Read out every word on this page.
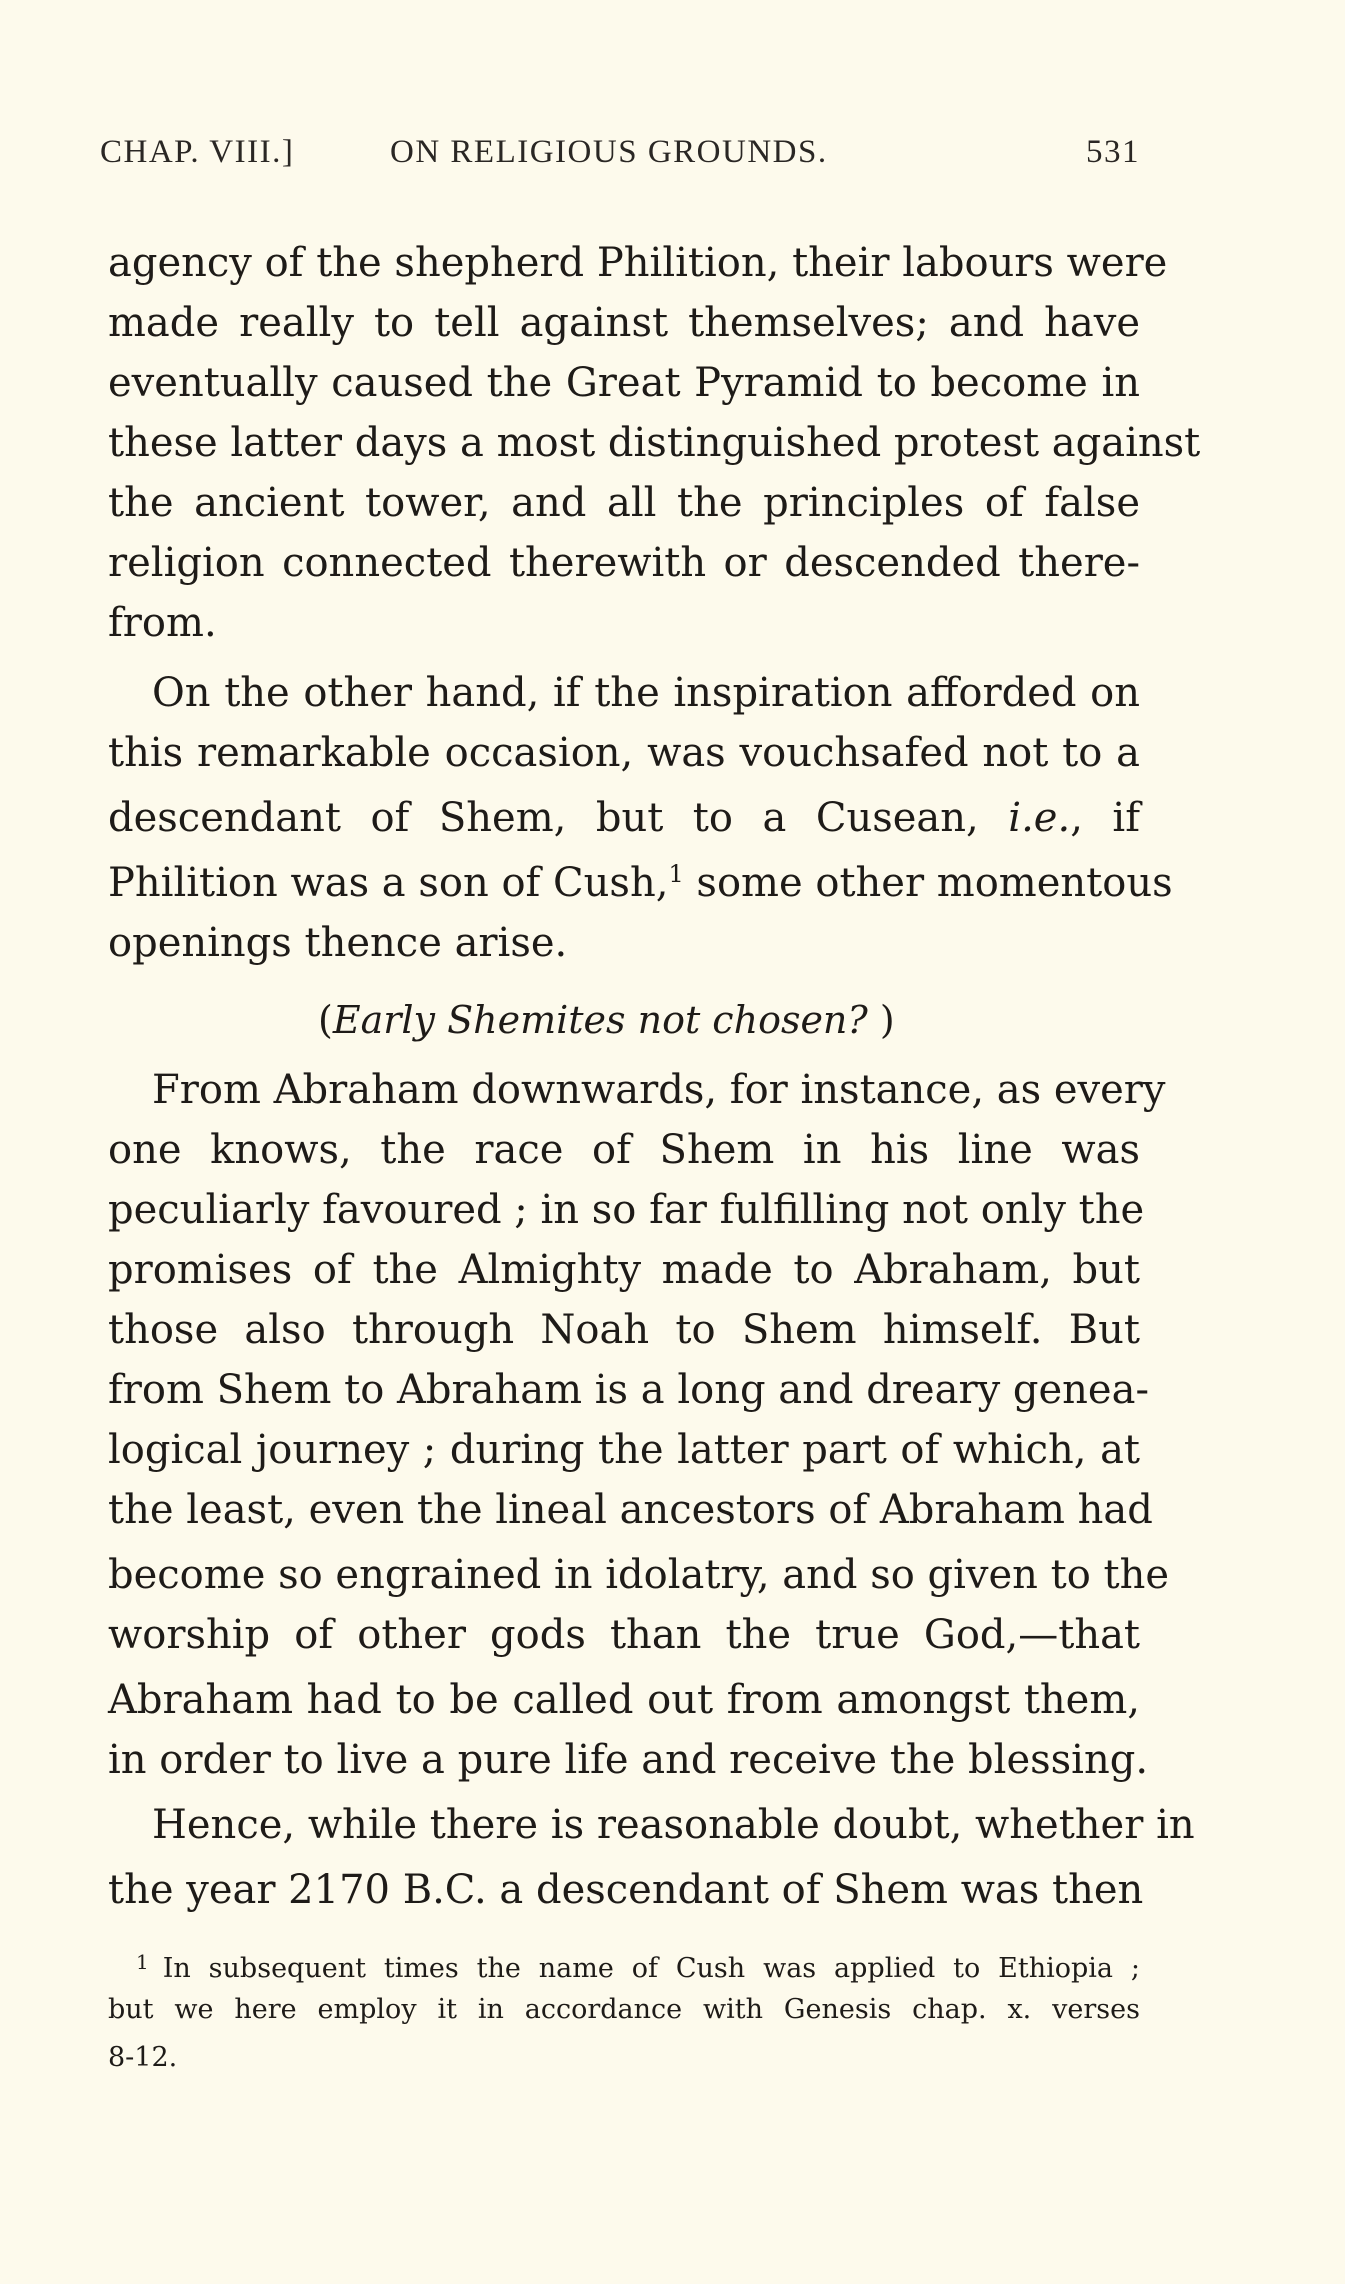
CHAP. VIII.]	ON RELIGIOUS GROUNDS.	531
agency of the shepherd Philition, their labours were
made really to tell against themselves; and have
eventually caused the Great Pyramid to become in
these latter days a most distinguished protest against
the ancient tower, and all the principles of false
religion connected therewith or descended there-
from.
On the other hand, if the inspiration afforded on
this remarkable occasion, was vouchsafed not to a
descendant of Shem, but to a Cusean, i.e., if
Philition was a son of Cush,$^1$ some other momentous
openings thence arise.
(Early Shemites not chosen? )
From Abraham downwards, for instance, as every
one knows, the race of Shem in his line was
peculiarly favoured ; in so far fulfilling not only the
promises of the Almighty made to Abraham, but
those also through Noah to Shem himself. But
from Shem to Abraham is a long and dreary genea-
logical journey ; during the latter part of which, at
the least, even the lineal ancestors of Abraham had
become so engrained in idolatry, and so given to the
worship of other gods than the true God,—that
Abraham had to be called out from amongst them,
in order to live a pure life and receive the blessing.
Hence, while there is reasonable doubt, whether in
the year 2170 B.C. a descendant of Shem was then
$^1$ In subsequent times the name of Cush was applied to Ethiopia ;
but we here employ it in accordance with Genesis chap. x. verses
8-12.
